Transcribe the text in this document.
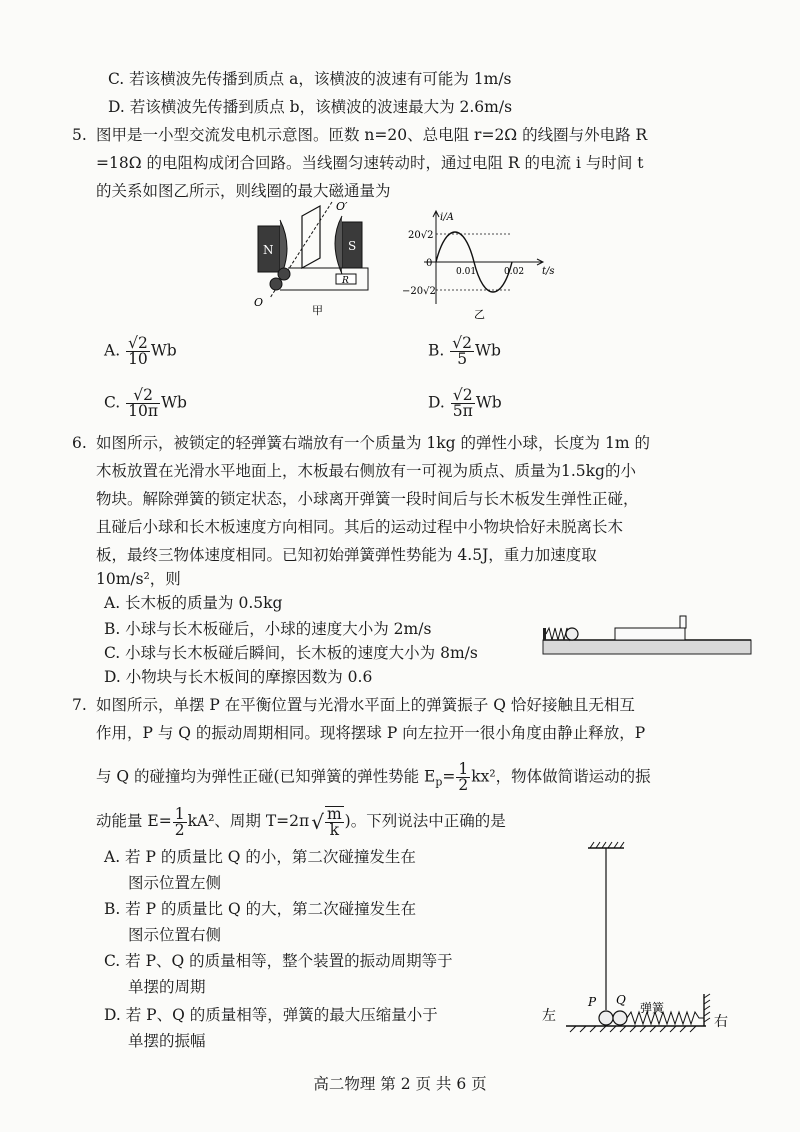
C. 若该横波先传播到质点 a，该横波的波速有可能为 1m/s
D. 若该横波先传播到质点 b，该横波的波速最大为 2.6m/s
5. 图甲是一小型交流发电机示意图。匝数 n=20、总电阻 r=2Ω 的线圈与外电路 R
=18Ω 的电阻构成闭合回路。当线圈匀速转动时，通过电阻 R 的电流 i 与时间 t
的关系如图乙所示，则线圈的最大磁通量为
N	S
O′
O
R
甲
i/A
t/s
20√2
−20√2
0
0.01	0.02
乙
A. $\frac{√2}{10}$ Wb	B. $\frac{√2}{5}$ Wb
C. $\frac{√2}{10\pi}$ Wb	D. $\frac{√2}{5\pi}$ Wb
6. 如图所示，被锁定的轻弹簧右端放有一个质量为 1kg 的弹性小球，长度为 1m 的
木板放置在光滑水平地面上，木板最右侧放有一可视为质点、质量为1.5kg的小
物块。解除弹簧的锁定状态，小球离开弹簧一段时间后与长木板发生弹性正碰，
且碰后小球和长木板速度方向相同。其后的运动过程中小物块恰好未脱离长木
板，最终三物体速度相同。已知初始弹簧弹性势能为 4.5J，重力加速度取
10m/s²，则
A. 长木板的质量为 0.5kg
B. 小球与长木板碰后，小球的速度大小为 2m/s
C. 小球与长木板碰后瞬间，长木板的速度大小为 8m/s
D. 小物块与长木板间的摩擦因数为 0.6
7. 如图所示，单摆 P 在平衡位置与光滑水平面上的弹簧振子 Q 恰好接触且无相互
作用，P 与 Q 的振动周期相同。现将摆球 P 向左拉开一很小角度由静止释放，P
与 Q 的碰撞均为弹性正碰(已知弹簧的弹性势能 $E_p= \frac{1}{2} kx^2$，物体做简谐运动的振
动能量 $E= \frac{1}{2} kA^2$、周期 T=2π √ $\frac{m}{k}$ )。下列说法中正确的是
A. 若 P 的质量比 Q 的小，第二次碰撞发生在
图示位置左侧
B. 若 P 的质量比 Q 的大，第二次碰撞发生在
图示位置右侧
C. 若 P、Q 的质量相等，整个装置的振动周期等于
单摆的周期
D. 若 P、Q 的质量相等，弹簧的最大压缩量小于
单摆的振幅
P Q
弹簧
左	右
高二物理 第 2 页 共 6 页
